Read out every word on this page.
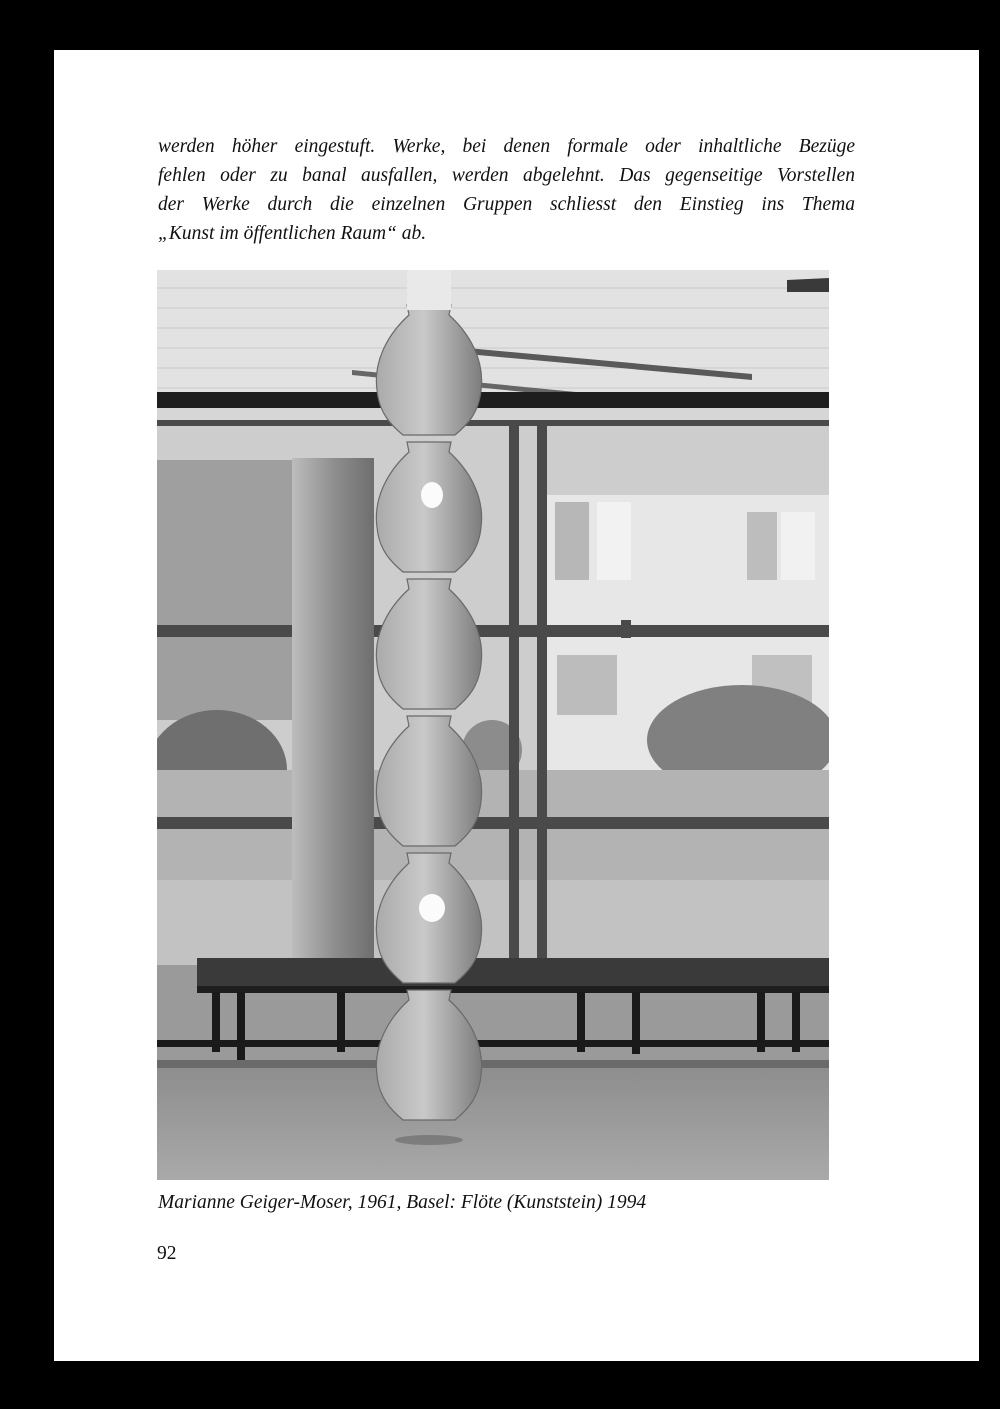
werden höher eingestuft. Werke, bei denen formale oder inhaltliche Bezüge
fehlen oder zu banal ausfallen, werden abgelehnt. Das gegenseitige Vorstellen
der Werke durch die einzelnen Gruppen schliesst den Einstieg ins Thema
„Kunst im öffentlichen Raum“ ab.

Marianne Geiger-Moser, 1961, Basel: Flöte (Kunststein) 1994

92
